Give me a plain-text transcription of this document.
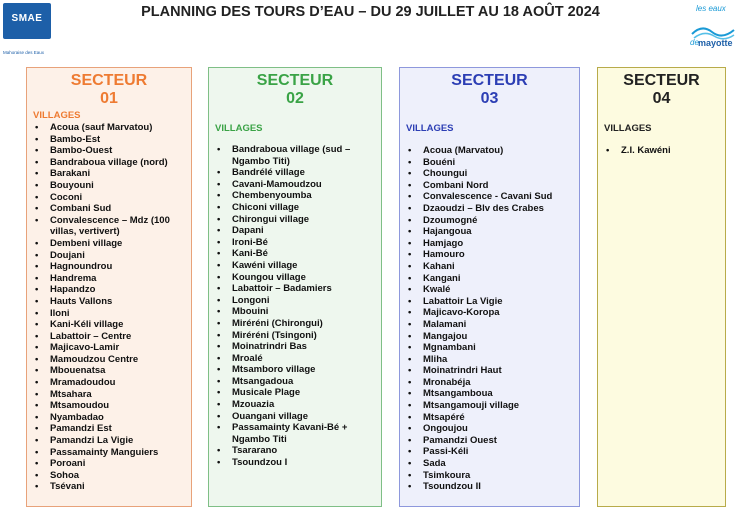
SMAE
Mahoraise des Eaux
PLANNING DES TOURS D’EAU – DU 29 JUILLET AU 18 AOÛT 2024	les eaux
de mayotte
SECTEUR
01
VILLAGES
• Acoua (sauf Marvatou)
• Bambo-Est
• Bambo-Ouest
• Bandraboua village (nord)
• Barakani
• Bouyouni
• Coconi
• Combani Sud
• Convalescence – Mdz (100 villas, vertivert)
• Dembeni village
• Doujani
• Hagnoundrou
• Handrema
• Hapandzo
• Hauts Vallons
• Iloni
• Kani-Kéli village
• Labattoir – Centre
• Majicavo-Lamir
• Mamoudzou Centre
• Mbouenatsa
• Mramadoudou
• Mtsahara
• Mtsamoudou
• Nyambadao
• Pamandzi Est
• Pamandzi La Vigie
• Passamainty Manguiers
• Poroani
• Sohoa
• Tsévani
SECTEUR
02
VILLAGES
• Bandraboua village (sud – Ngambo Titi)
• Bandrélé village
• Cavani-Mamoudzou
• Chembenyoumba
• Chiconi village
• Chirongui village
• Dapani
• Ironi-Bé
• Kani-Bé
• Kawéni village
• Koungou village
• Labattoir – Badamiers
• Longoni
• Mbouini
• Miréréni (Chirongui)
• Miréréni (Tsingoni)
• Moinatrindri Bas
• Mroalé
• Mtsamboro village
• Mtsangadoua
• Musicale Plage
• Mzouazia
• Ouangani village
• Passamainty Kavani-Bé + Ngambo Titi
• Tsararano
• Tsoundzou I
SECTEUR
03
VILLAGES
• Acoua (Marvatou)
• Bouéni
• Choungui
• Combani Nord
• Convalescence - Cavani Sud
• Dzaoudzi – Blv des Crabes
• Dzoumogné
• Hajangoua
• Hamjago
• Hamouro
• Kahani
• Kangani
• Kwalé
• Labattoir La Vigie
• Majicavo-Koropa
• Malamani
• Mangajou
• Mgnambani
• Mliha
• Moinatrindri Haut
• Mronabéja
• Mtsangamboua
• Mtsangamouji village
• Mtsapéré
• Ongoujou
• Pamandzi Ouest
• Passi-Kéli
• Sada
• Tsimkoura
• Tsoundzou II
SECTEUR
04
VILLAGES
• Z.I. Kawéni
